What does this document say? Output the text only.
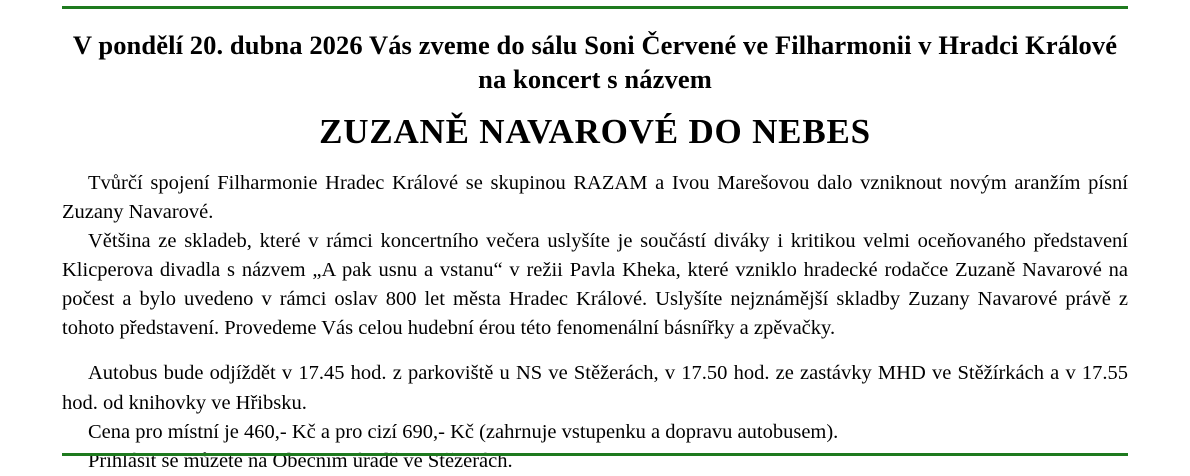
V pondělí 20. dubna 2026 Vás zveme do sálu Soni Červené ve Filharmonii v Hradci Králové na koncert s názvem
ZUZANĚ NAVAROVÉ DO NEBES

Tvůrčí spojení Filharmonie Hradec Králové se skupinou RAZAM a Ivou Marešovou dalo vzniknout novým aranžím písní Zuzany Navarové.

Většina ze skladeb, které v rámci koncertního večera uslyšíte je součástí diváky i kritikou velmi oceňovaného představení Klicperova divadla s názvem „A pak usnu a vstanu“ v režii Pavla Kheka, které vzniklo hradecké rodačce Zuzaně Navarové na počest a bylo uvedeno v rámci oslav 800 let města Hradec Králové. Uslyšíte nejznámější skladby Zuzany Navarové právě z tohoto představení. Provedeme Vás celou hudební érou této fenomenální básnířky a zpěvačky.

Autobus bude odjíždět v 17.45 hod. z parkoviště u NS ve Stěžerách, v 17.50 hod. ze zastávky MHD ve Stěžírkách a v 17.55 hod. od knihovky ve Hřibsku.

Cena pro místní je 460,- Kč a pro cizí 690,- Kč (zahrnuje vstupenku a dopravu autobusem).

Přihlásit se můžete na Obecním úřadě ve Stěžerách.
